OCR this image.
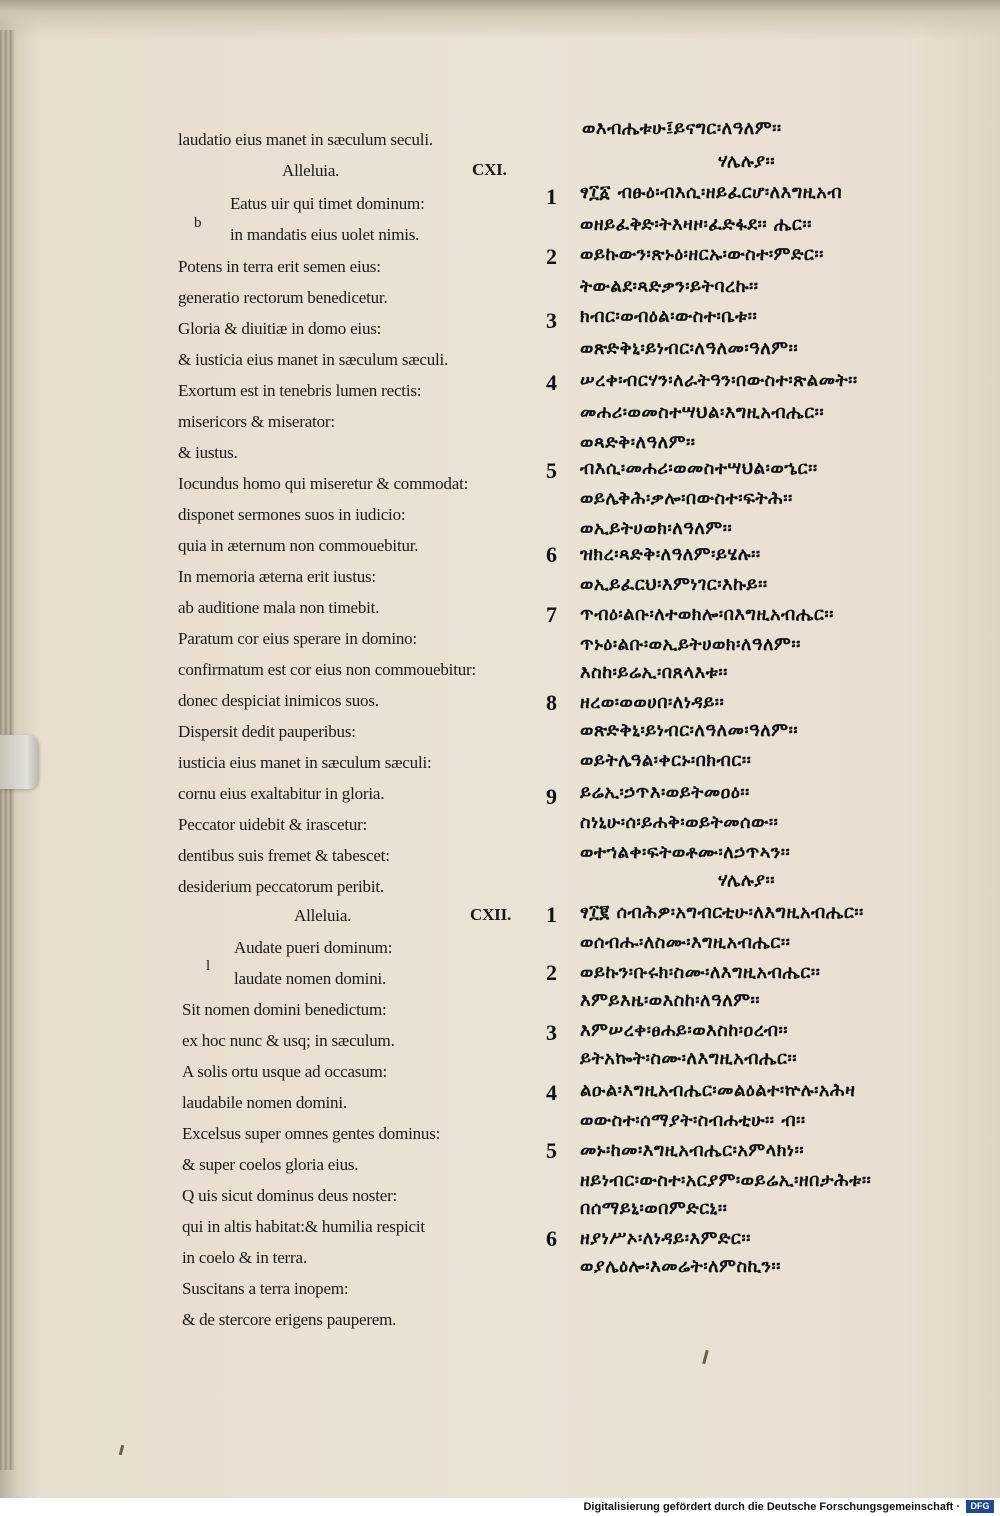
laudatio eius manet in sæculum seculi.
Alleluia.	CXI.
b
Eatus uir qui timet dominum:
in mandatis eius uolet nimis.
Potens in terra erit semen eius:
generatio rectorum benedicetur.
Gloria & diuitiæ in domo eius:
& iusticia eius manet in sæculum sæculi.
Exortum est in tenebris lumen rectis:
misericors & miserator:
& iustus.
Iocundus homo qui miseretur & commodat:
disponet sermones suos in iudicio:
quia in æternum non commouebitur.
In memoria æterna erit iustus:
ab auditione mala non timebit.
Paratum cor eius sperare in domino:
confirmatum est cor eius non commouebitur:
donec despiciat inimicos suos.
Dispersit dedit pauperibus:
iusticia eius manet in sæculum sæculi:
cornu eius exaltabitur in gloria.
Peccator uidebit & irascetur:
dentibus suis fremet & tabescet:
desiderium peccatorum peribit.
Alleluia.	CXII.
l
Audate pueri dominum:
laudate nomen domini.
Sit nomen domini benedictum:
ex hoc nunc & usq; in sæculum.
A solis ortu usque ad occasum:
laudabile nomen domini.
Excelsus super omnes gentes dominus:
& super coelos gloria eius.
Q uis sicut dominus deus noster:
qui in altis habitat:& humilia respicit
in coelo & in terra.
Suscitans a terra inopem:
& de stercore erigens pauperem.
ወእብሔቱሁ፤ይናግር፡ለዓለም፡፡
ሃሌሉያ፡፡
1 ፃ፲፩ ብፁዕ፡ብእሲ፡ዘይፈርሆ፡ለእግዚአብ
ወዘይፈቅድ፡ትእዛዞ፡ፈድፋደ፡፡ ሔር፡፡
2 ወይኩውን፡ጽኑዕ፡ዘርኡ፡ውስተ፡ምድር፡፡
ትውልደ፡ጻድቃን፡ይትባረኩ፡፡
3 ክብር፡ወብዕል፡ውስተ፡ቤቱ፡፡
ወጽድቅኒ፡ይነብር፡ለዓለመ፡ዓለም፡፡
4 ሠረቀ፡ብርሃን፡ለራትዓን፡በውስተ፡ጽልመት፡፡
መሐሪ፡ወመስተሣህል፡እግዚአብሔር፡፡
ወጻድቅ፡ለዓለም፡፡
5 ብእሲ፡መሐሪ፡ወመስተሣህል፡ወኄር፡፡
ወይሌቅሕ፡ቃሎ፡በውስተ፡ፍትሕ፡፡
ወኢይትሀወክ፡ለዓለም፡፡
6 ዝክረ፡ጻድቅ፡ለዓለም፡ይሄሉ፡፡
ወኢይፈርህ፡እምነገር፡እኩይ፡፡
7 ጥብዕ፡ልቡ፡ለተወክሎ፡በእግዚአብሔር፡፡
ጥኑዕ፡ልቡ፡ወኢይትሀወክ፡ለዓለም፡፡
እስከ፡ይሬኢ፡በጸላእቱ፡፡
8 ዘረወ፡ወወሀበ፡ለነዳይ፡፡
ወጽድቅኒ፡ይነብር፡ለዓለመ፡ዓለም፡፡
ወይትሌዓል፡ቀርኑ፡በክብር፡፡
9 ይሬኢ፡ኃጥእ፡ወይትመዐዕ፡፡
ስነኒሁ፡ሰ፡ይሐቅ፡ወይትመሰው፡፡
ወተኀልቀ፡ፍትወቶሙ፡ለኃጥኣን፡፡
ሃሌሉያ፡፡
1 ፃ፲፪ ሰብሕዎ፡አግብርቲሁ፡ለእግዚአብሔር፡፡
ወሰብሑ፡ለስሙ፡እግዚአብሔር፡፡
2 ወይኩን፡ቡሩክ፡ስሙ፡ለእግዚአብሔር፡፡
እምይእዜ፡ወእስከ፡ለዓለም፡፡
3 እምሠረቀ፡ፀሐይ፡ወእስከ፡ዐረብ፡፡
ይትአኰት፡ስሙ፡ለእግዚአብሔር፡፡
4 ልዑል፡እግዚአብሔር፡መልዕልተ፡ኵሉ፡አሕዛ
ወውስተ፡ሰማያት፡ስብሐቲሁ፡፡ ብ፡፡
5 መኑ፡ከመ፡እግዚአብሔር፡አምላክነ፡፡
ዘይነብር፡ውስተ፡አርያም፡ወይሬኢ፡ዘበታሕቱ፡፡
በሰማይኒ፡ወበምድርኒ፡፡
6 ዘያነሥኦ፡ለነዳይ፡እምድር፡፡
ወያሌዕሎ፡እመሬት፡ለምስኪን፡፡
Digitalisierung gefördert durch die Deutsche Forschungsgemeinschaft ·	DFG
